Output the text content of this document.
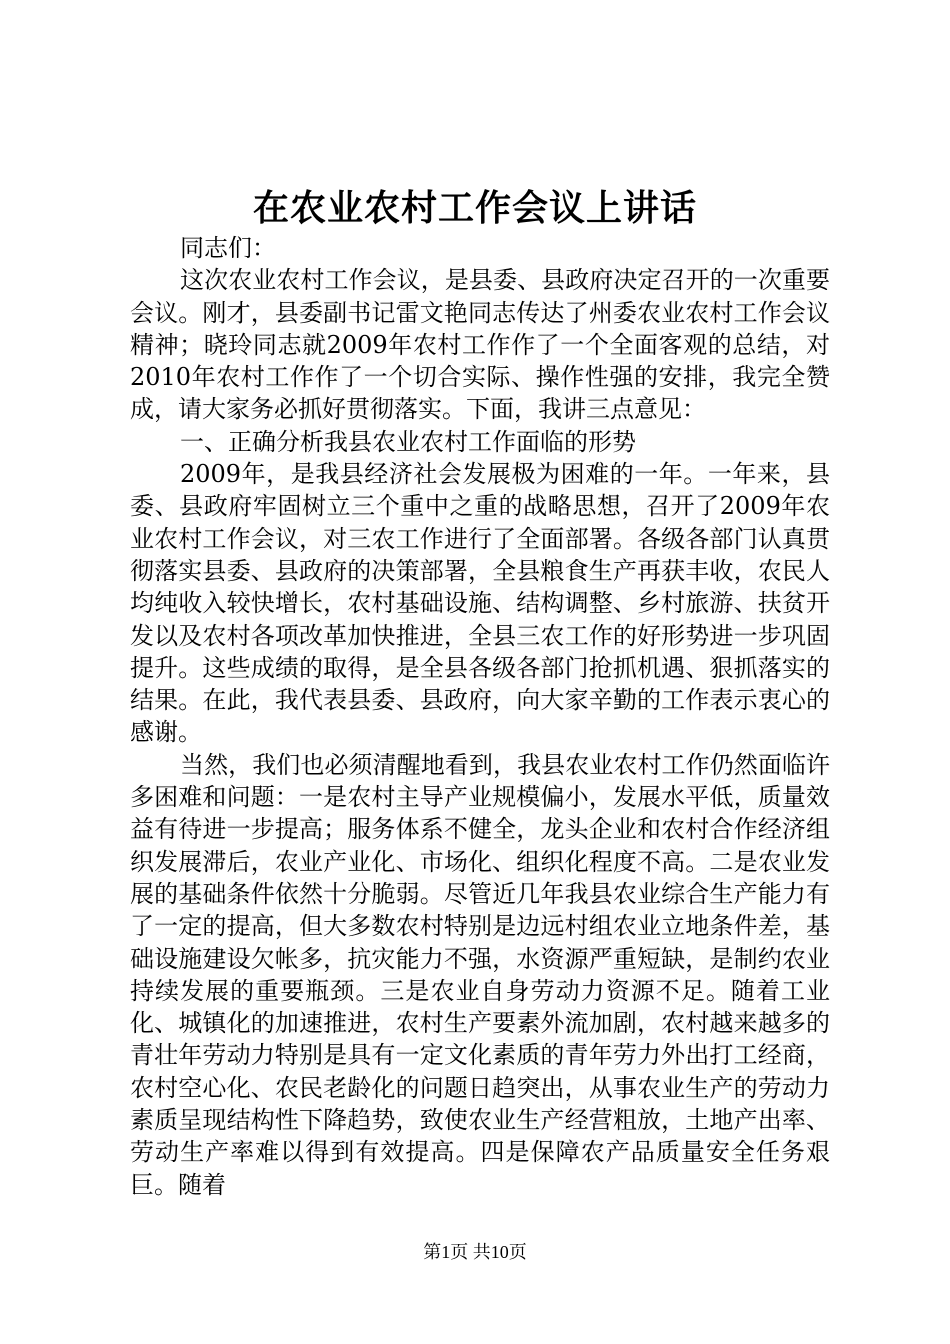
在农业农村工作会议上讲话

同志们：

这次农业农村工作会议，是县委、县政府决定召开的一次重要会议。刚才，县委副书记雷文艳同志传达了州委农业农村工作会议精神；晓玲同志就2009年农村工作作了一个全面客观的总结，对2010年农村工作作了一个切合实际、操作性强的安排，我完全赞成，请大家务必抓好贯彻落实。下面，我讲三点意见：

一、正确分析我县农业农村工作面临的形势

2009年，是我县经济社会发展极为困难的一年。一年来，县委、县政府牢固树立三个重中之重的战略思想，召开了2009年农业农村工作会议，对三农工作进行了全面部署。各级各部门认真贯彻落实县委、县政府的决策部署，全县粮食生产再获丰收，农民人均纯收入较快增长，农村基础设施、结构调整、乡村旅游、扶贫开发以及农村各项改革加快推进，全县三农工作的好形势进一步巩固提升。这些成绩的取得，是全县各级各部门抢抓机遇、狠抓落实的结果。在此，我代表县委、县政府，向大家辛勤的工作表示衷心的感谢。

当然，我们也必须清醒地看到，我县农业农村工作仍然面临许多困难和问题：一是农村主导产业规模偏小，发展水平低，质量效益有待进一步提高；服务体系不健全，龙头企业和农村合作经济组织发展滞后，农业产业化、市场化、组织化程度不高。二是农业发展的基础条件依然十分脆弱。尽管近几年我县农业综合生产能力有了一定的提高，但大多数农村特别是边远村组农业立地条件差，基础设施建设欠帐多，抗灾能力不强，水资源严重短缺，是制约农业持续发展的重要瓶颈。三是农业自身劳动力资源不足。随着工业化、城镇化的加速推进，农村生产要素外流加剧，农村越来越多的青壮年劳动力特别是具有一定文化素质的青年劳力外出打工经商，农村空心化、农民老龄化的问题日趋突出，从事农业生产的劳动力素质呈现结构性下降趋势，致使农业生产经营粗放，土地产出率、劳动生产率难以得到有效提高。四是保障农产品质量安全任务艰巨。随着

第1页 共10页
